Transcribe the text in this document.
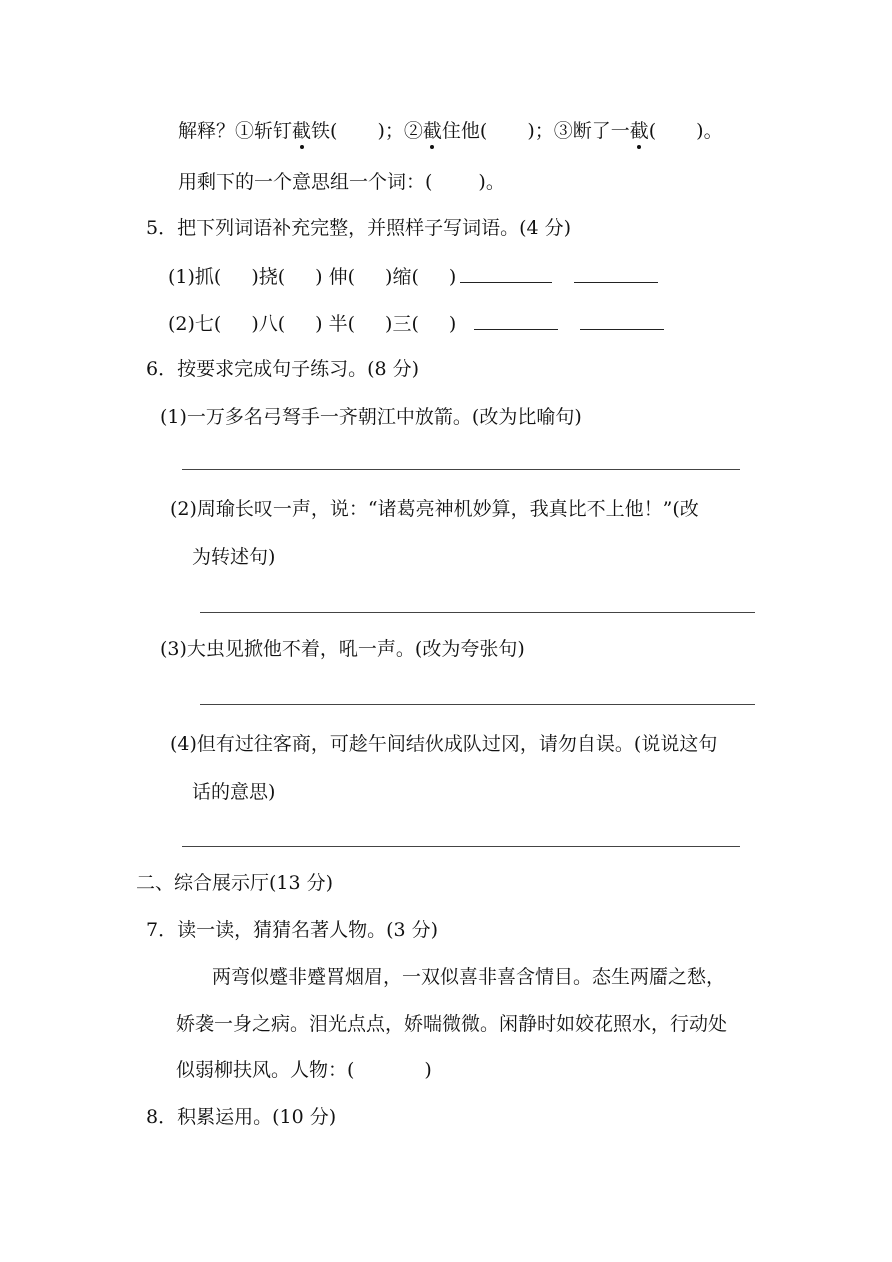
解释？①斩钉截铁( )；②截住他( )；③断了一截( )。
用剩下的一个意思组一个词：( )。
5．把下列词语补充完整，并照样子写词语。(4 分)
(1)抓( )挠( ) 伸( )缩( )
(2)七( )八( ) 半( )三( )
6．按要求完成句子练习。(8 分)
(1)一万多名弓弩手一齐朝江中放箭。(改为比喻句)
(2)周瑜长叹一声，说：“诸葛亮神机妙算，我真比不上他！”(改
为转述句)
(3)大虫见掀他不着，吼一声。(改为夸张句)
(4)但有过往客商，可趁午间结伙成队过冈，请勿自误。(说说这句
话的意思)
二、综合展示厅(13 分)
7．读一读，猜猜名著人物。(3 分)
两弯似蹙非蹙罥烟眉，一双似喜非喜含情目。态生两靥之愁，
娇袭一身之病。泪光点点，娇喘微微。闲静时如姣花照水，行动处
似弱柳扶风。人物：(	)
8．积累运用。(10 分)
